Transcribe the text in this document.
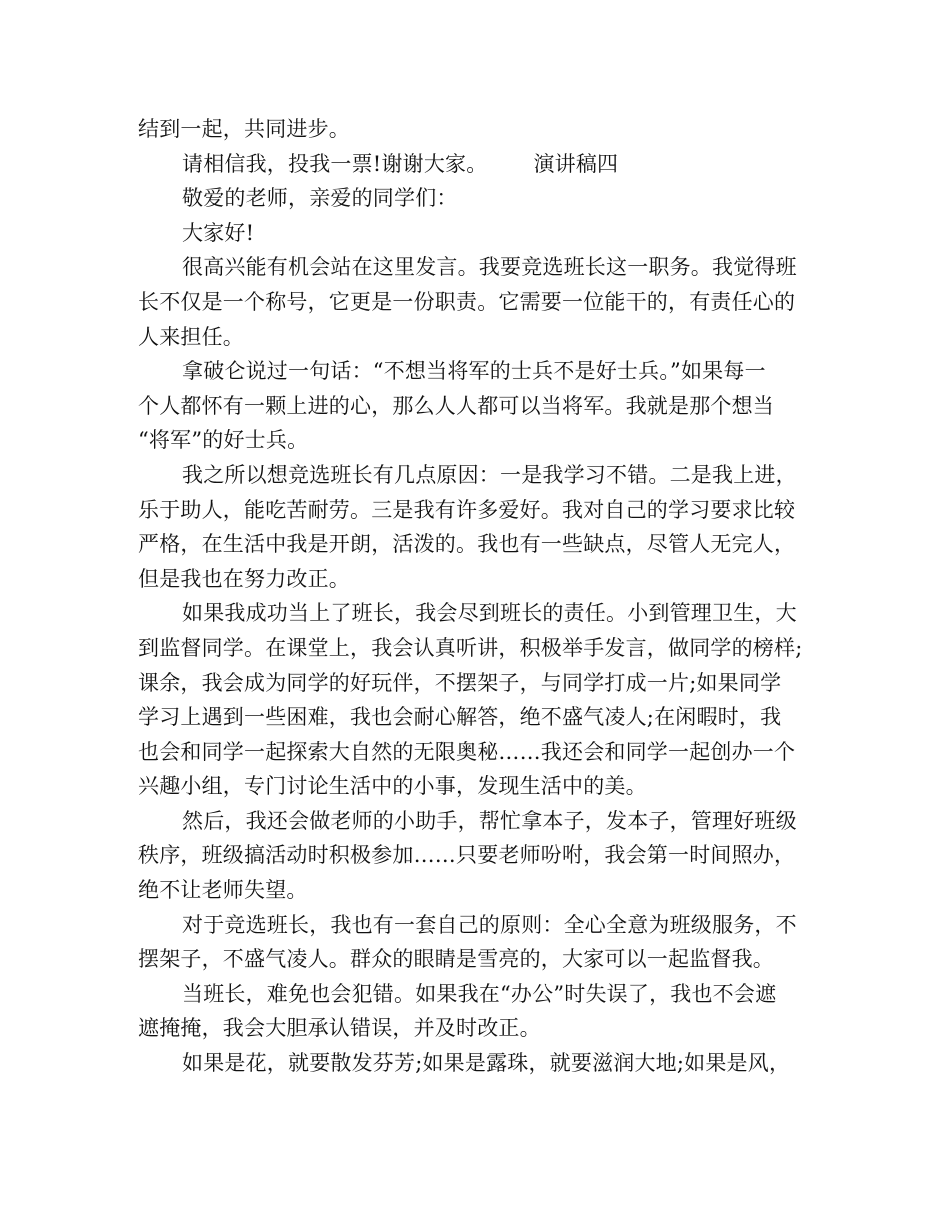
结到一起，共同进步。
请相信我，投我一票!谢谢大家。 演讲稿四
敬爱的老师，亲爱的同学们：
大家好!
很高兴能有机会站在这里发言。我要竞选班长这一职务。我觉得班
长不仅是一个称号，它更是一份职责。它需要一位能干的，有责任心的
人来担任。
拿破仑说过一句话：“不想当将军的士兵不是好士兵。”如果每一
个人都怀有一颗上进的心，那么人人都可以当将军。我就是那个想当
“将军”的好士兵。
我之所以想竞选班长有几点原因：一是我学习不错。二是我上进，
乐于助人，能吃苦耐劳。三是我有许多爱好。我对自己的学习要求比较
严格，在生活中我是开朗，活泼的。我也有一些缺点，尽管人无完人，
但是我也在努力改正。
如果我成功当上了班长，我会尽到班长的责任。小到管理卫生，大
到监督同学。在课堂上，我会认真听讲，积极举手发言，做同学的榜样;
课余，我会成为同学的好玩伴，不摆架子，与同学打成一片;如果同学
学习上遇到一些困难，我也会耐心解答，绝不盛气凌人;在闲暇时，我
也会和同学一起探索大自然的无限奥秘……我还会和同学一起创办一个
兴趣小组，专门讨论生活中的小事，发现生活中的美。
然后，我还会做老师的小助手，帮忙拿本子，发本子，管理好班级
秩序，班级搞活动时积极参加……只要老师吩咐，我会第一时间照办，
绝不让老师失望。
对于竞选班长，我也有一套自己的原则：全心全意为班级服务，不
摆架子，不盛气凌人。群众的眼睛是雪亮的，大家可以一起监督我。
当班长，难免也会犯错。如果我在“办公”时失误了，我也不会遮
遮掩掩，我会大胆承认错误，并及时改正。
如果是花，就要散发芬芳;如果是露珠，就要滋润大地;如果是风，
